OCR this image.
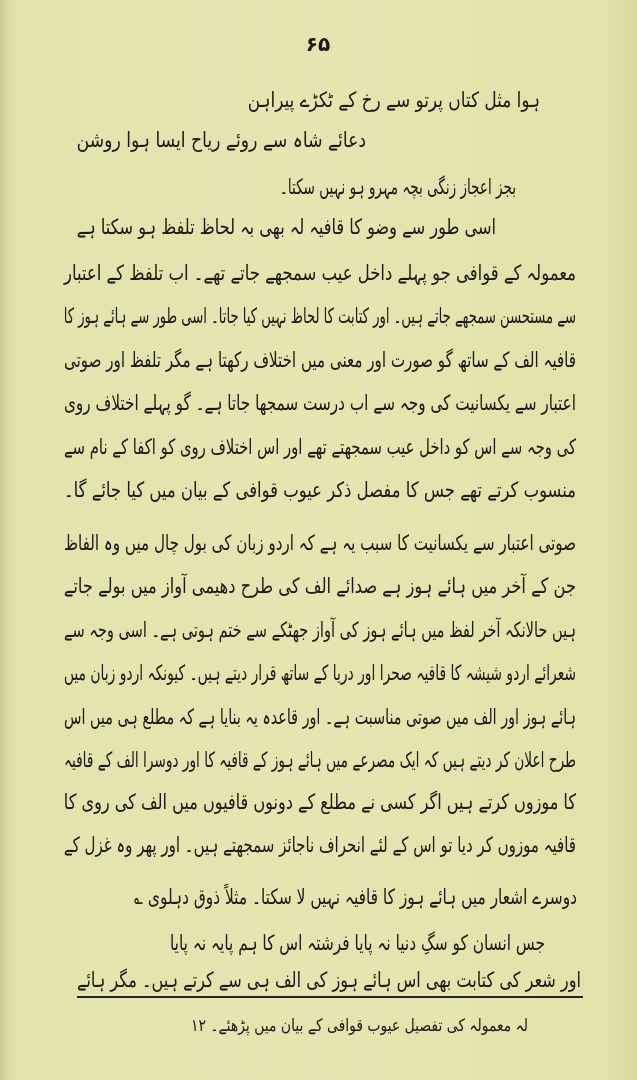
۶۵
ہوا مثل کتاں پرتو سے رخ کے ٹکڑے پیراہن
دعائے شاہ سے روئے ریاح ایسا ہوا روشن
بجز اعجاز زنگی بچہ مہرو ہو نہیں سکتا۔
اسی طور سے وضو کا قافیہ لہ بھی بہ لحاظ تلفظ ہو سکتا ہے
معمولہ کے قوافی جو پہلے داخل عیب سمجھے جاتے تھے۔ اب تلفظ کے اعتبار
سے مستحسن سمجھے جاتے ہیں۔ اور کتابت کا لحاظ نہیں کیا جاتا۔ اسی طور سے ہائے ہوز کا
قافیہ الف کے ساتھ گو صورت اور معنی میں اختلاف رکھتا ہے مگر تلفظ اور صوتی
اعتبار سے یکسانیت کی وجہ سے اب درست سمجھا جاتا ہے۔ گو پہلے اختلاف روی
کی وجہ سے اس کو داخل عیب سمجھتے تھے اور اس اختلاف روی کو اکفا کے نام سے
منسوب کرتے تھے جس کا مفصل ذکر عیوب قوافی کے بیان میں کیا جائے گا۔
صوتی اعتبار سے یکسانیت کا سبب یہ ہے کہ اردو زبان کی بول چال میں وہ الفاظ
جن کے آخر میں ہائے ہوز ہے صدائے الف کی طرح دھیمی آواز میں بولے جاتے
ہیں حالانکہ آخر لفظ میں ہائے ہوز کی آواز جھٹکے سے ختم ہوتی ہے۔ اسی وجہ سے
شعرائے اردو شیشہ کا قافیہ صحرا اور دریا کے ساتھ قرار دیتے ہیں۔ کیونکہ اردو زبان میں
ہائے ہوز اور الف میں صوتی مناسبت ہے۔ اور قاعدہ یہ بنایا ہے کہ مطلع ہی میں اس
طرح اعلان کر دیتے ہیں کہ ایک مصرعے میں ہائے ہوز کے قافیہ کا اور دوسرا الف کے قافیہ
کا موزوں کرتے ہیں اگر کسی نے مطلع کے دونوں قافیوں میں الف کی روی کا
قافیہ موزوں کر دیا تو اس کے لئے انحراف ناجائز سمجھتے ہیں۔ اور پھر وہ غزل کے
دوسرے اشعار میں ہائے ہوز کا قافیہ نہیں لا سکتا۔ مثلاً ذوق دہلوی ؎
جس انسان کو سگِ دنیا نہ پایا فرشتہ اس کا ہم پایہ نہ پایا
اور شعر کی کتابت بھی اس ہائے ہوز کی الف ہی سے کرتے ہیں۔ مگر ہائے
لہ معمولہ کی تفصیل عیوب قوافی کے بیان میں پڑھئے۔ ۱۲
